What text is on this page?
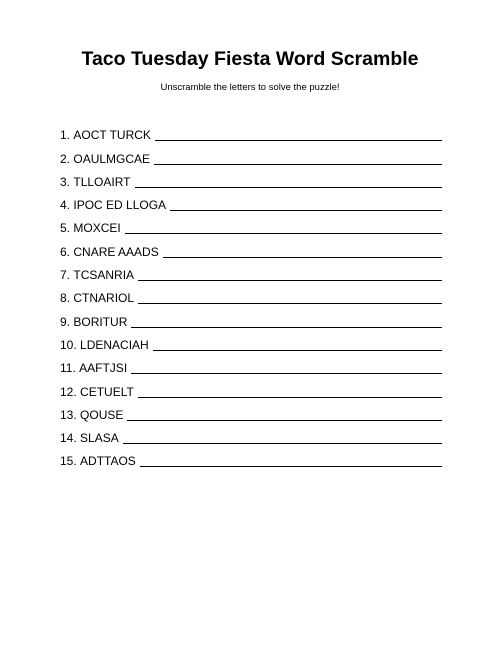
Taco Tuesday Fiesta Word Scramble

Unscramble the letters to solve the puzzle!

1.
AOCT TURCK
2.
OAULMGCAE
3.
TLLOAIRT
4.
IPOC ED LLOGA
5.
MOXCEI
6.
CNARE AAADS
7.
TCSANRIA
8.
CTNARIOL
9.
BORITUR
10.
LDENACIAH
11.
AAFTJSI
12.
CETUELT
13.
QOUSE
14.
SLASA
15.
ADTTAOS
